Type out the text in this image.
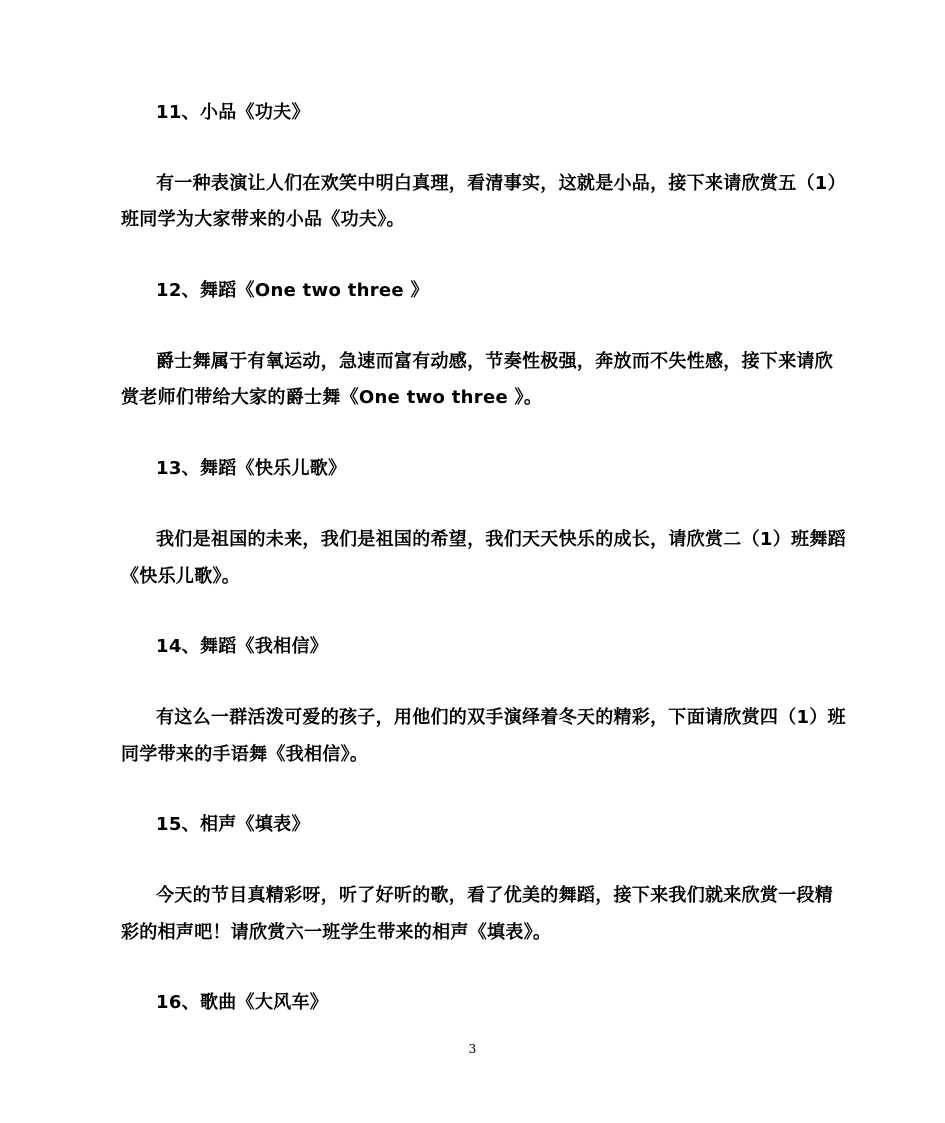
11、小品《功夫》
有一种表演让人们在欢笑中明白真理，看清事实，这就是小品，接下来请欣赏五（1）
班同学为大家带来的小品《功夫》。
12、舞蹈《One two three 》
爵士舞属于有氧运动，急速而富有动感，节奏性极强，奔放而不失性感，接下来请欣
赏老师们带给大家的爵士舞《One two three 》。
13、舞蹈《快乐儿歌》
我们是祖国的未来，我们是祖国的希望，我们天天快乐的成长，请欣赏二（1）班舞蹈
《快乐儿歌》。
14、舞蹈《我相信》
有这么一群活泼可爱的孩子，用他们的双手演绎着冬天的精彩，下面请欣赏四（1）班
同学带来的手语舞《我相信》。
15、相声《填表》
今天的节目真精彩呀，听了好听的歌，看了优美的舞蹈，接下来我们就来欣赏一段精
彩的相声吧！请欣赏六一班学生带来的相声《填表》。
16、歌曲《大风车》
3
